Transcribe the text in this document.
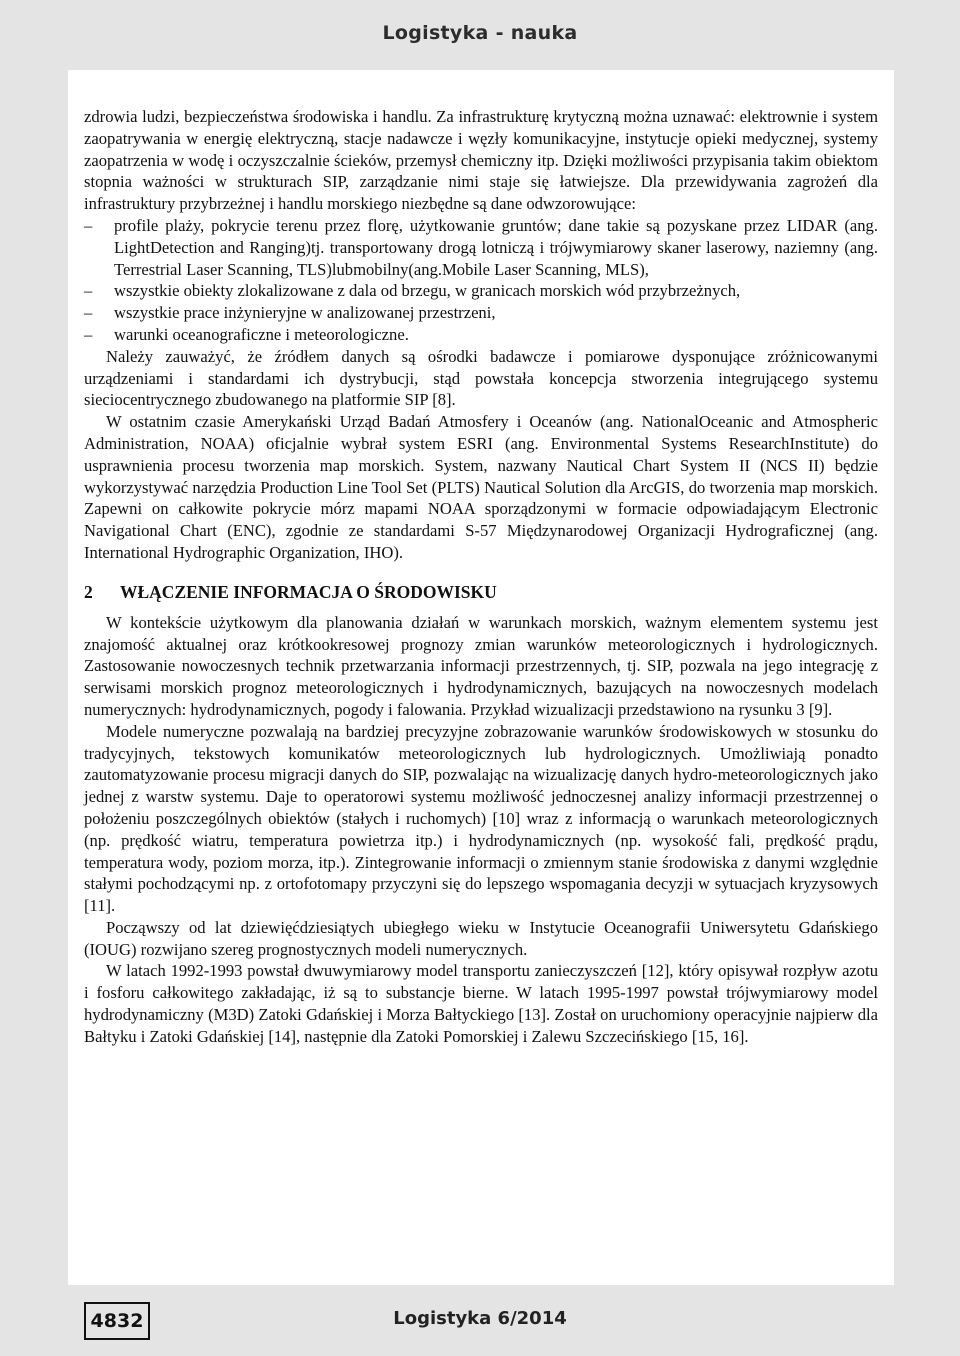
Logistyka - nauka

zdrowia ludzi, bezpieczeństwa środowiska i handlu. Za infrastrukturę krytyczną można uznawać: elektrownie i system zaopatrywania w energię elektryczną, stacje nadawcze i węzły komunikacyjne, instytucje opieki medycznej, systemy zaopatrzenia w wodę i oczyszczalnie ścieków, przemysł chemiczny itp. Dzięki możliwości przypisania takim obiektom stopnia ważności w strukturach SIP, zarządzanie nimi staje się łatwiejsze. Dla przewidywania zagrożeń dla infrastruktury przybrzeżnej i handlu morskiego niezbędne są dane odwzorowujące:

– profile plaży, pokrycie terenu przez florę, użytkowanie gruntów; dane takie są pozyskane przez LIDAR (ang. LightDetection and Ranging)tj. transportowany drogą lotniczą i trójwymiarowy skaner laserowy, naziemny (ang. Terrestrial Laser Scanning, TLS)lubmobilny(ang.Mobile Laser Scanning, MLS),
– wszystkie obiekty zlokalizowane z dala od brzegu, w granicach morskich wód przybrzeżnych,
– wszystkie prace inżynieryjne w analizowanej przestrzeni,
– warunki oceanograficzne i meteorologiczne.

Należy zauważyć, że źródłem danych są ośrodki badawcze i pomiarowe dysponujące zróżnicowanymi urządzeniami i standardami ich dystrybucji, stąd powstała koncepcja stworzenia integrującego systemu sieciocentrycznego zbudowanego na platformie SIP [8].

W ostatnim czasie Amerykański Urząd Badań Atmosfery i Oceanów (ang. NationalOceanic and Atmospheric Administration, NOAA) oficjalnie wybrał system ESRI (ang. Environmental Systems ResearchInstitute) do usprawnienia procesu tworzenia map morskich. System, nazwany Nautical Chart System II (NCS II) będzie wykorzystywać narzędzia Production Line Tool Set (PLTS) Nautical Solution dla ArcGIS, do tworzenia map morskich. Zapewni on całkowite pokrycie mórz mapami NOAA sporządzonymi w formacie odpowiadającym Electronic Navigational Chart (ENC), zgodnie ze standardami S-57 Międzynarodowej Organizacji Hydrograficznej (ang. International Hydrographic Organization, IHO).

2 WŁĄCZENIE INFORMACJA O ŚRODOWISKU

W kontekście użytkowym dla planowania działań w warunkach morskich, ważnym elementem systemu jest znajomość aktualnej oraz krótkookresowej prognozy zmian warunków meteorologicznych i hydrologicznych. Zastosowanie nowoczesnych technik przetwarzania informacji przestrzennych, tj. SIP, pozwala na jego integrację z serwisami morskich prognoz meteorologicznych i hydrodynamicznych, bazujących na nowoczesnych modelach numerycznych: hydrodynamicznych, pogody i falowania. Przykład wizualizacji przedstawiono na rysunku 3 [9].

Modele numeryczne pozwalają na bardziej precyzyjne zobrazowanie warunków środowiskowych w stosunku do tradycyjnych, tekstowych komunikatów meteorologicznych lub hydrologicznych. Umożliwiają ponadto zautomatyzowanie procesu migracji danych do SIP, pozwalając na wizualizację danych hydro-meteorologicznych jako jednej z warstw systemu. Daje to operatorowi systemu możliwość jednoczesnej analizy informacji przestrzennej o położeniu poszczególnych obiektów (stałych i ruchomych) [10] wraz z informacją o warunkach meteorologicznych (np. prędkość wiatru, temperatura powietrza itp.) i hydrodynamicznych (np. wysokość fali, prędkość prądu, temperatura wody, poziom morza, itp.). Zintegrowanie informacji o zmiennym stanie środowiska z danymi względnie stałymi pochodzącymi np. z ortofotomapy przyczyni się do lepszego wspomagania decyzji w sytuacjach kryzysowych [11].

Począwszy od lat dziewięćdziesiątych ubiegłego wieku w Instytucie Oceanografii Uniwersytetu Gdańskiego (IOUG) rozwijano szereg prognostycznych modeli numerycznych.

W latach 1992-1993 powstał dwuwymiarowy model transportu zanieczyszczeń [12], który opisywał rozpływ azotu i fosforu całkowitego zakładając, iż są to substancje bierne. W latach 1995-1997 powstał trójwymiarowy model hydrodynamiczny (M3D) Zatoki Gdańskiej i Morza Bałtyckiego [13]. Został on uruchomiony operacyjnie najpierw dla Bałtyku i Zatoki Gdańskiej [14], następnie dla Zatoki Pomorskiej i Zalewu Szczecińskiego [15, 16].

4832	Logistyka 6/2014
